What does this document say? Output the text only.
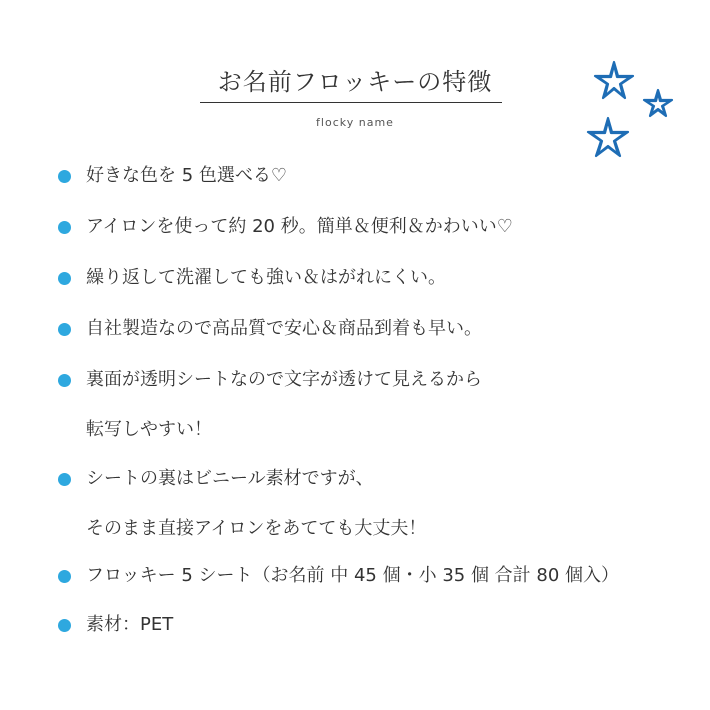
お名前フロッキーの特徴
flocky name
好きな色を 5 色選べる♡
アイロンを使って約 20 秒。簡単＆便利＆かわいい♡
繰り返して洗濯しても強い＆はがれにくい。
自社製造なので高品質で安心＆商品到着も早い。
裏面が透明シートなので文字が透けて見えるから
転写しやすい！
シートの裏はビニール素材ですが、
そのまま直接アイロンをあてても大丈夫！
フロッキー 5 シート（お名前 中 45 個・小 35 個 合計 80 個入）
素材：PET
